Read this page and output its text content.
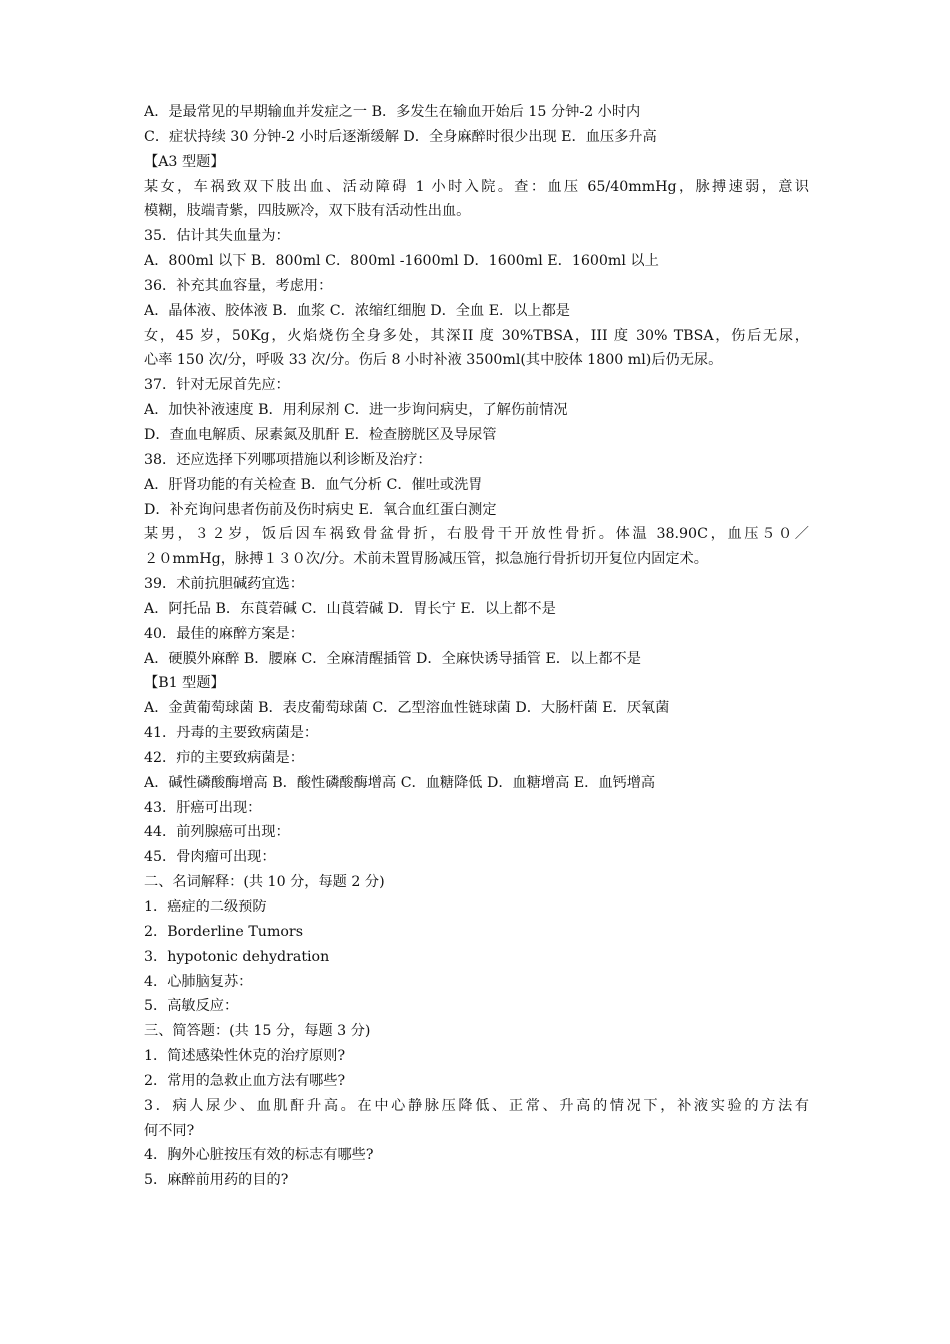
A．是最常见的早期输血并发症之一 B．多发生在输血开始后 15 分钟-2 小时内
C．症状持续 30 分钟-2 小时后逐渐缓解 D．全身麻醉时很少出现 E．血压多升高
【A3 型题】
某女，车祸致双下肢出血、活动障碍 1 小时入院。查：血压 65/40mmHg，脉搏速弱，意识
模糊，肢端青紫，四肢厥冷，双下肢有活动性出血。
35．估计其失血量为：
A．800ml 以下 B．800ml C．800ml -1600ml D．1600ml E．1600ml 以上
36．补充其血容量，考虑用：
A．晶体液、胶体液 B．血浆 C．浓缩红细胞 D．全血 E．以上都是
女，45 岁，50Kg，火焰烧伤全身多处，其深II 度 30%TBSA，III 度 30% TBSA，伤后无尿，
心率 150 次/分，呼吸 33 次/分。伤后 8 小时补液 3500ml(其中胶体 1800 ml)后仍无尿。
37．针对无尿首先应：
A．加快补液速度 B．用利尿剂 C．进一步询问病史，了解伤前情况
D．查血电解质、尿素氮及肌酐 E．检查膀胱区及导尿管
38．还应选择下列哪项措施以利诊断及治疗：
A．肝肾功能的有关检查 B．血气分析 C．催吐或洗胃
D．补充询问患者伤前及伤时病史 E．氧合血红蛋白测定
某男，３２岁，饭后因车祸致骨盆骨折，右股骨干开放性骨折。体温 38.90C，血压５０／
２０mmHg，脉搏１３０次/分。术前未置胃肠减压管，拟急施行骨折切开复位内固定术。
39．术前抗胆碱药宜选：
A．阿托品 B．东莨菪碱 C．山莨菪碱 D．胃长宁 E．以上都不是
40．最佳的麻醉方案是：
A．硬膜外麻醉 B．腰麻 C．全麻清醒插管 D．全麻快诱导插管 E．以上都不是
【B1 型题】
A．金黄葡萄球菌 B．表皮葡萄球菌 C．乙型溶血性链球菌 D．大肠杆菌 E．厌氧菌
41．丹毒的主要致病菌是：
42．疖的主要致病菌是：
A．碱性磷酸酶增高 B．酸性磷酸酶增高 C．血糖降低 D．血糖增高 E．血钙增高
43．肝癌可出现：
44．前列腺癌可出现：
45．骨肉瘤可出现：
二、名词解释：(共 10 分，每题 2 分)
1．癌症的二级预防
2．Borderline Tumors
3．hypotonic dehydration
4．心肺脑复苏：
5．高敏反应：
三、简答题：(共 15 分，每题 3 分)
1．简述感染性休克的治疗原则?
2．常用的急救止血方法有哪些?
3．病人尿少、血肌酐升高。在中心静脉压降低、正常、升高的情况下，补液实验的方法有
何不同?
4．胸外心脏按压有效的标志有哪些?
5．麻醉前用药的目的?
